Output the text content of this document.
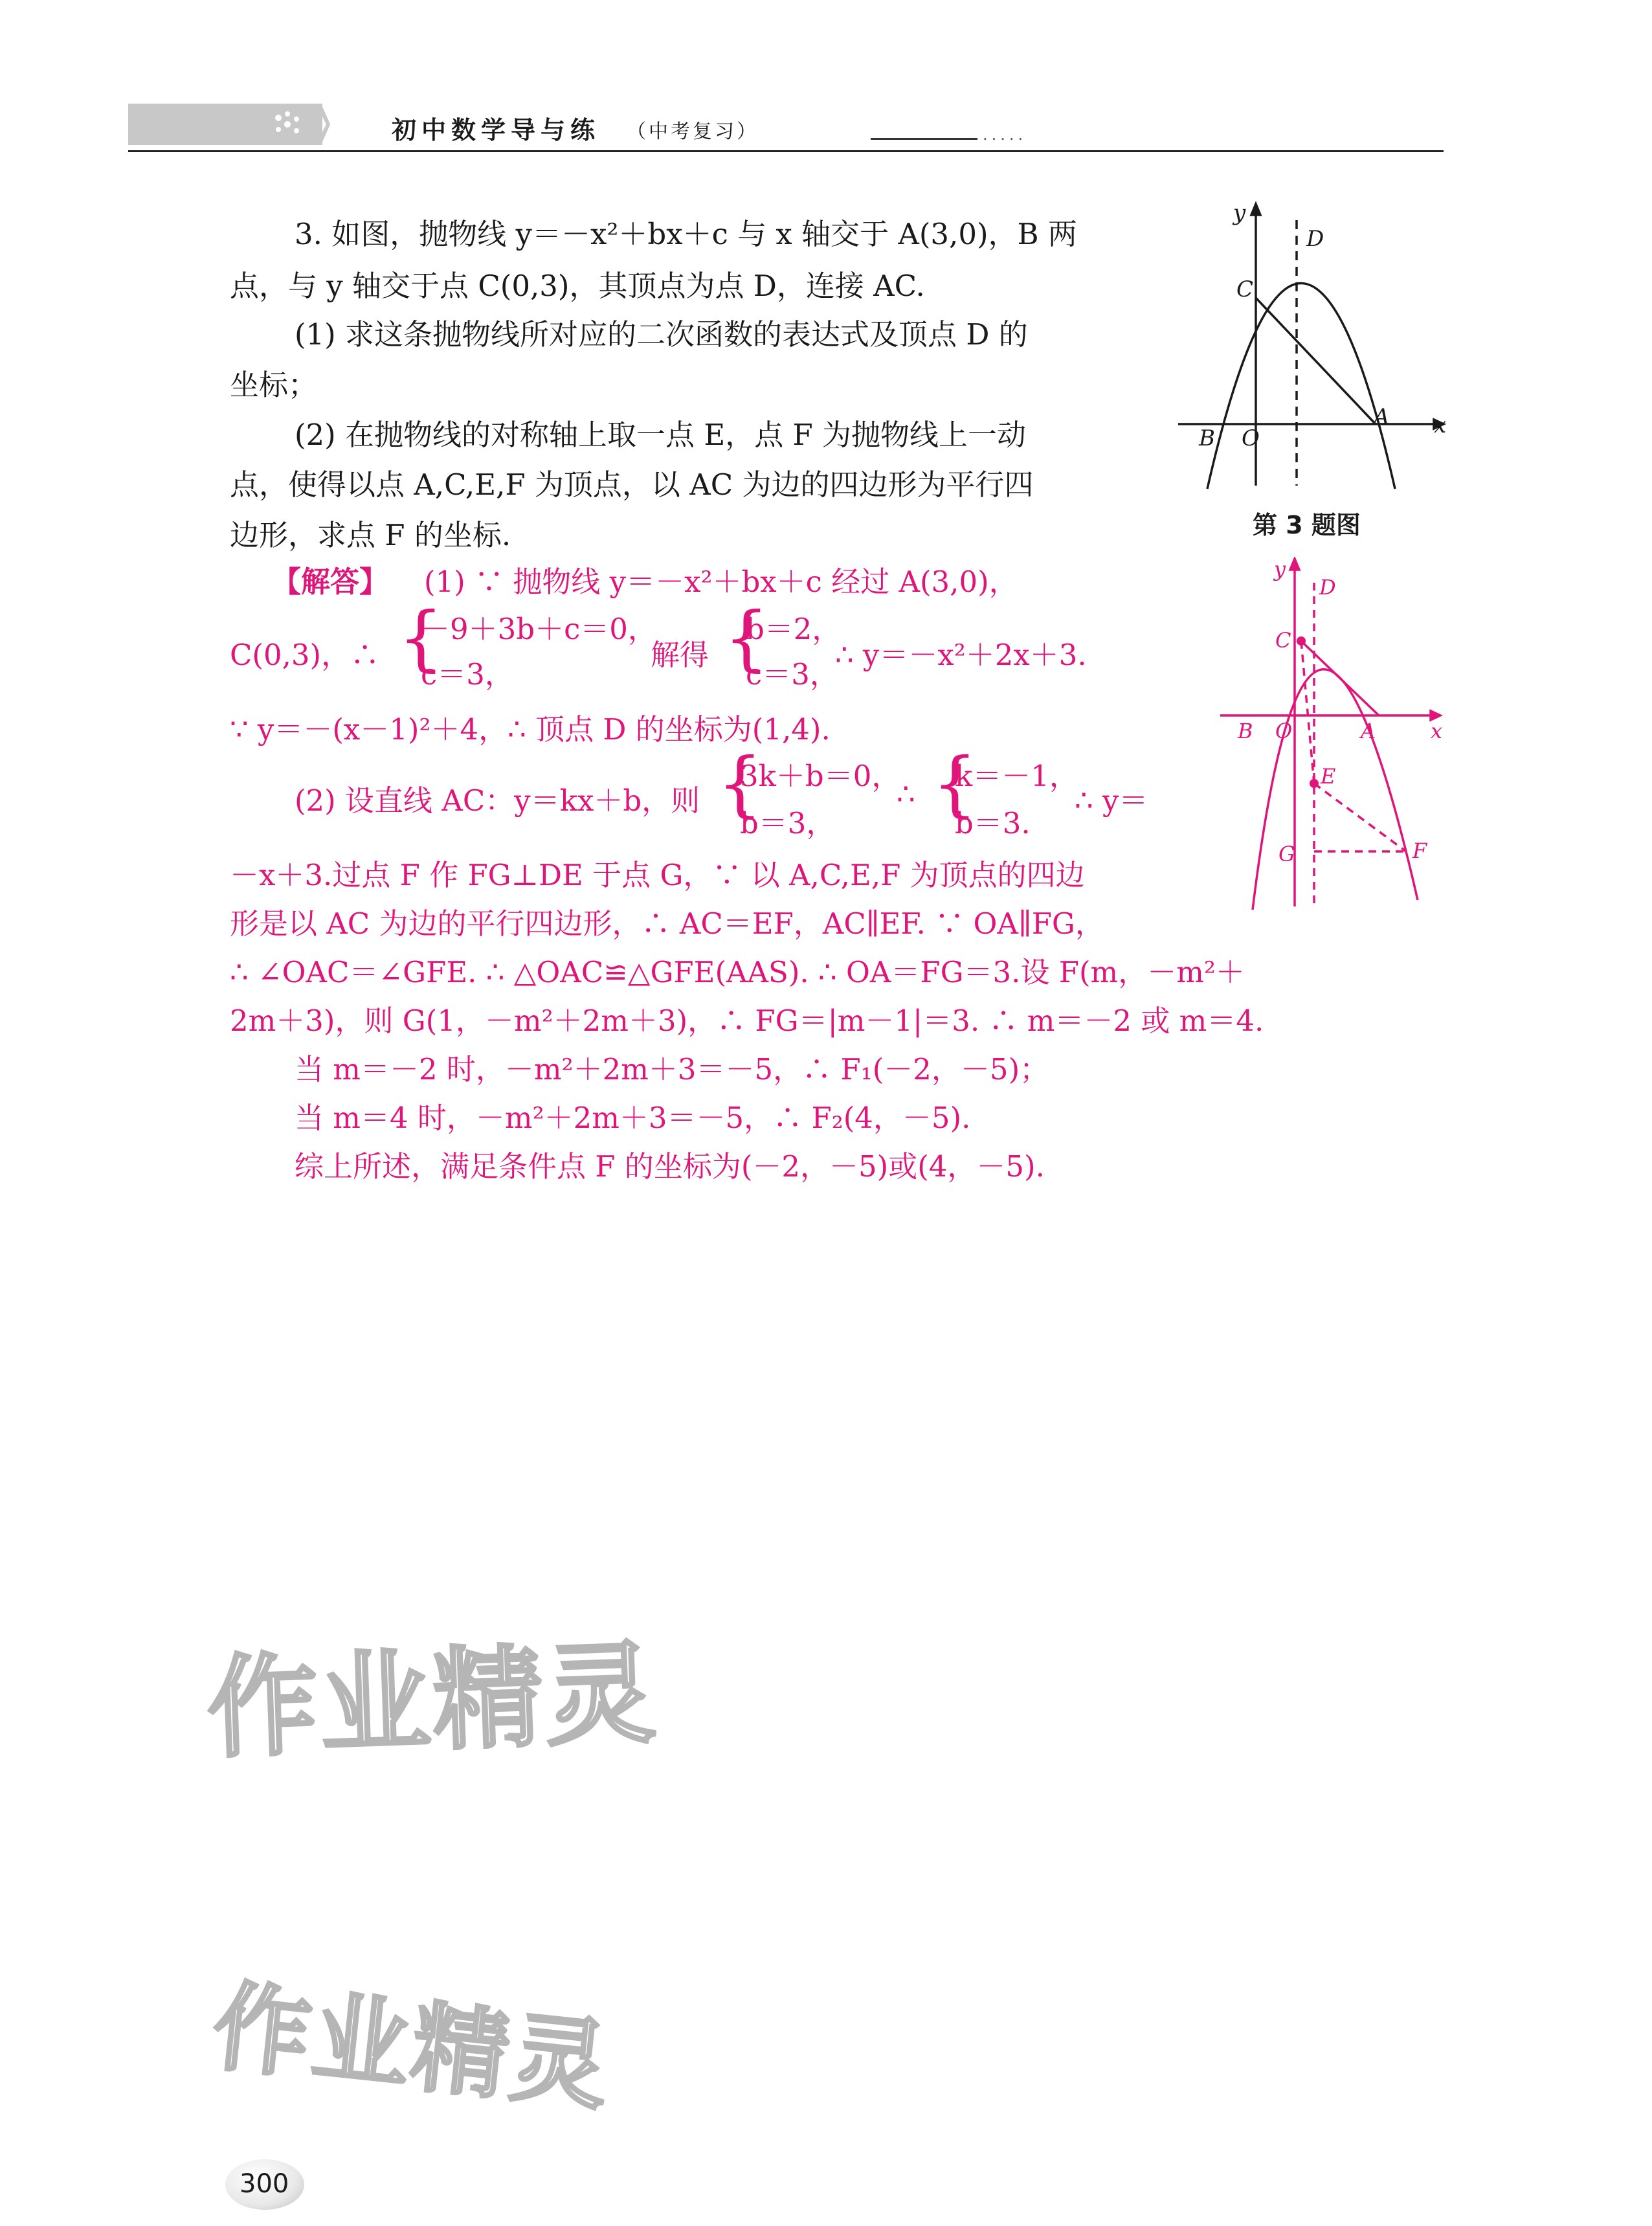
初中数学导与练 （中考复习）	.....
3. 如图，抛物线 y＝－x²＋bx＋c 与 x 轴交于 A(3,0)，B 两
点，与 y 轴交于点 C(0,3)，其顶点为点 D，连接 AC.
(1) 求这条抛物线所对应的二次函数的表达式及顶点 D 的
坐标；
(2) 在抛物线的对称轴上取一点 E，点 F 为抛物线上一动
点，使得以点 A,C,E,F 为顶点，以 AC 为边的四边形为平行四
边形，求点 F 的坐标.
y
x
D
C
B O
A
第 3 题图
y
x
D
C
B O	A
E
G	F
【解答】 (1) ∵ 抛物线 y＝－x²＋bx＋c 经过 A(3,0)，
C(0,3)，∴ {
－9＋3b＋c＝0，
c＝3，
解得 {
b＝2，
c＝3，
∴ y＝－x²＋2x＋3.
∵ y＝－(x－1)²＋4，∴ 顶点 D 的坐标为(1,4).
(2) 设直线 AC：y＝kx＋b，则 {
3k＋b＝0，
b＝3，
∴ {
k＝－1，
b＝3.
∴ y＝
－x＋3.过点 F 作 FG⊥DE 于点 G，∵ 以 A,C,E,F 为顶点的四边
形是以 AC 为边的平行四边形，∴ AC＝EF，AC∥EF. ∵ OA∥FG，
∴ ∠OAC＝∠GFE. ∴ △OAC≌△GFE(AAS). ∴ OA＝FG＝3.设 F(m，－m²＋
2m＋3)，则 G(1，－m²＋2m＋3)，∴ FG＝|m－1|＝3. ∴ m＝－2 或 m＝4.
当 m＝－2 时，－m²＋2m＋3＝－5，∴ F₁(－2，－5)；
当 m＝4 时，－m²＋2m＋3＝－5，∴ F₂(4，－5).
综上所述，满足条件点 F 的坐标为(－2，－5)或(4，－5).
作业精灵
作业精灵
300
